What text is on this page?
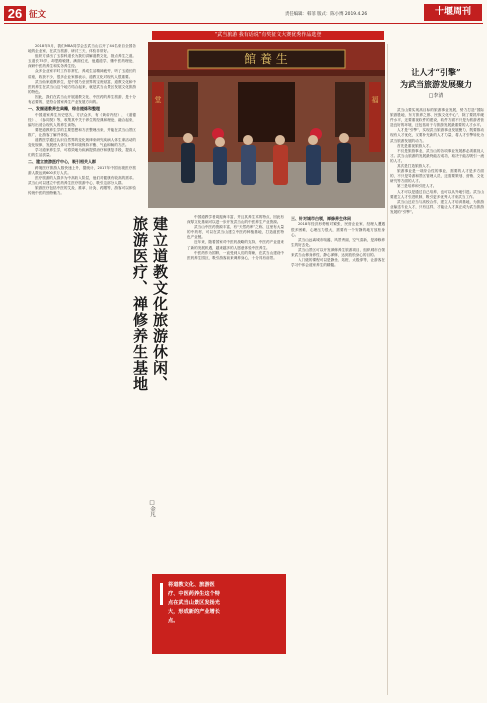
26 征文	责任编辑：韩菲 版式：陈小博 2019.4.26	十堰周刊
“武当旅游 我有话说”有奖征文大赛优秀作品选登
館 養 生
堂	福

2018年5月，我们MBA同学会去武当山召开了44名来自全国各地的企业家，在武当旅游、研讨三天，体验非常好。

组织方请出了玉泰科道长为我们讲解道教文化，指点养生之道。玉道长75岁，却思路敏捷，满面红光，他通道学，懂中医药理论，深研中医药养生和实务养生经。

众多企业家平时工作非常忙，养成生活精神疲劳，听了玉道长的讲座，收获不少，很多企业家都表示，道教文化对现代人很重要。

武当仙家道教养生，是中国乃至世界的宝贵财富，道教文化和中医药养生在武当山这个地方结合起来，就是武当山景区发展文化旅游的特色。

因此，我们在武当山开展道教文化、中医药的养生旅游，是十分有必要的，是符合国家养生产业发展方向的。

一、发掘道教养生典籍，综合提炼和整理

中国道家养生历史悠久，方法众多，有《黄帝内经》、《道德经》、《参同契》等，收集其中关于养生的经典和理论，融合起来，编写出适合现代人的养生读物。

要把道教养生学的主要思想和方法整理出来，并能在武当山景区推广，让游客了解并体验。

道教医学通过认识自然界的变化规律来研究疾病人体生命活动的变化规律，发展使人体与外界环境保持平衡、气血和畅的方法。

学习道家养生学，可将效地为疾病提供治疗和康复手段，提高人们的生活质量。

二、建立旅游医疗中心，吸引相关人群

跨境医疗旅游人数快速上升，据统计，2017年中国出境医疗旅游人数达到600多万人次。

医疗旅游的人群多为中高收入阶层，他们对健康有较高的需求。武当山可以建立中医药养生医疗旅游中心，吸引这部分人群。

旅游医疗包括中医的艾灸、推拿、针灸、药膳等，游客可以体验传统中医的独特魅力。

建立道教文化旅游休闲、
旅游医疗、禅修养生基地
□金凡

中国道教学者周振海丰富，并且其养生术的特点，因此有深厚文化基础可以进一步开发武当山的中医养生产业资源。

武当山中医药资源丰富，有“天然药库”之称，这里有大量的中药材，可以在武当山建立中医药种植基地，打造道医特色产业链。

近年来，随着国家对中医药战略的支持，中医药产业迎来了新的发展机遇，越来越多的人愿意体验中医养生。

中医药作为国粹，一直受到人们的青睐，在武当山建设中医药养生园区，吸引游客前来调养身心，十分具有前景。

三、针对城市白领，禅修养生休闲

2018年经济形势相对紧张，民营企业家、经理人遭遇很多困难，心理压力很大，需要有一个安静的地方放松身心。

武当山远离城市喧嚣，风景秀丽，空气清新，是禅修养生的好去处。

武当山景区可以开发禅修养生旅游项目，组织城市白领来武当山修身养性，静心禅修，达到放松身心的目的。

入门级的课程可以是静坐、站桩、太极拳等，让游客在学习中体会道家养生的精髓。

将道教文化、旅游医疗、中医药养生这个特点在武当山景区发扬光大，形成新的产业增长点。
让人才“引擎”
为武当旅游发展聚力
□李清

武当山要实现高目标的旅游事业发展，势力打造“国际旅游胜地、东方旅养之都、民族文化中心”，除了要抓牢硬件水平，还要重视软件的建设，软件方面不只是为旅游者营造良好的环境，还包括用于与旅游发展最重要的人才水平。

人才是“引擎”，实现武当旅游事业发展聚力，既要推动现有人才优化，又要补充新的人才力量，将人才引擎转化为武当旅游发展的动力。

首先是重视旅游人才。

不仅是旅游事业，武当山的各项事业发展都必须重视人才。武当山旅游的发展最终能否成功，取决于能否吸引一流的人才。

其次是打造旅游人才。

旅游事业是一项综合性的事业，需要的人才是多方面的，不只是导游和景区管理人员，还需要策划、营销、文化研究等方面的人才。

第三是培养和引进人才。

人才可以是通过自己培养，也可以从外地引进。武当山要建立人才引进机制，吸引更多优秀人才来武当工作。

武当山还应当与高校合作，建立人才培训基地，为旅游业输送专业人才，只有这样，才能让人才真正成为武当旅游发展的“引擎”。
